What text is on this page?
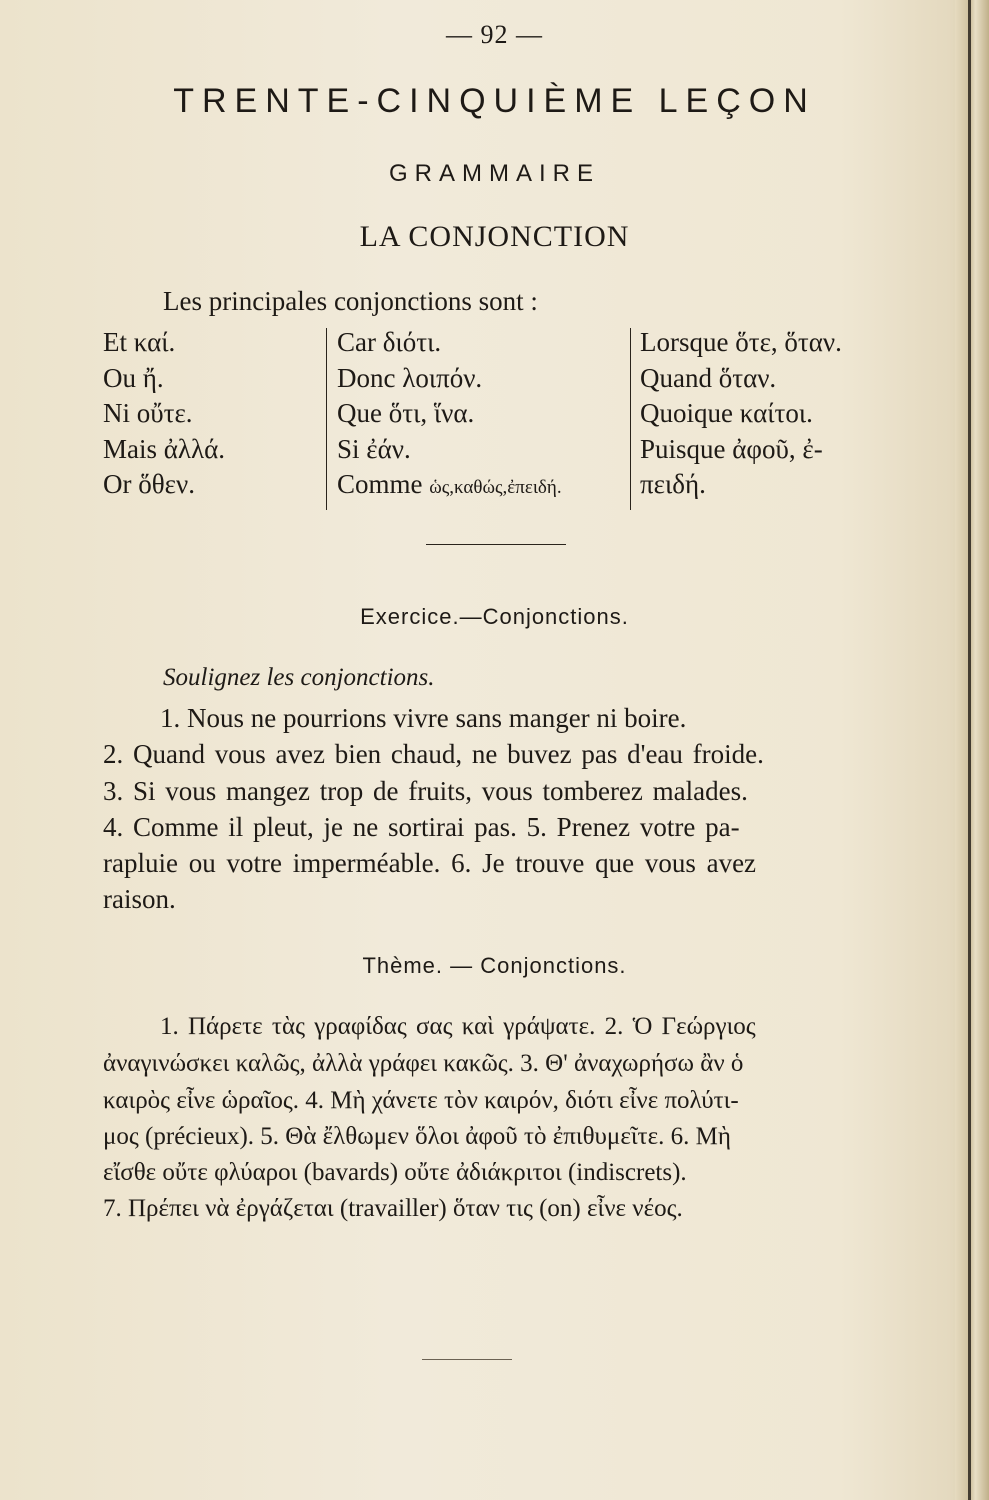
— 92 —
TRENTE-CINQUIÈME LEÇON
GRAMMAIRE
LA CONJONCTION
Les principales conjonctions sont :
Et καί.
Ou ἤ.
Ni οὔτε.
Mais ἀλλά.
Or ὅθεν.
Car διότι.
Donc λοιπόν.
Que ὅτι, ἵνα.
Si ἐάν.
Comme ὡς,καθώς,ἐπειδή.
Lorsque ὅτε, ὅταν.
Quand ὅταν.
Quoique καίτοι.
Puisque ἀφοῦ, ἐ-
πειδή.
Exercice.—Conjonctions.
Soulignez les conjonctions.
1. Nous ne pourrions vivre sans manger ni boire.
2. Quand vous avez bien chaud, ne buvez pas d'eau froide.
3. Si vous mangez trop de fruits, vous tomberez malades.
4. Comme il pleut, je ne sortirai pas. 5. Prenez votre pa-
rapluie ou votre imperméable. 6. Je trouve que vous avez
raison.
Thème. — Conjonctions.
1. Πάρετε τὰς γραφίδας σας καὶ γράψατε. 2. Ὁ Γεώργιος
ἀναγινώσκει καλῶς, ἀλλὰ γράφει κακῶς. 3. Θ' ἀναχωρήσω ἂν ὁ
καιρὸς εἶνε ὡραῖος. 4. Μὴ χάνετε τὸν καιρόν, διότι εἶνε πολύτι-
μος (précieux). 5. Θὰ ἔλθωμεν ὅλοι ἀφοῦ τὸ ἐπιθυμεῖτε. 6. Μὴ
εἴσθε οὔτε φλύαροι (bavards) οὔτε ἀδιάκριτοι (indiscrets).
7. Πρέπει νὰ ἐργάζεται (travailler) ὅταν τις (on) εἶνε νέος.
